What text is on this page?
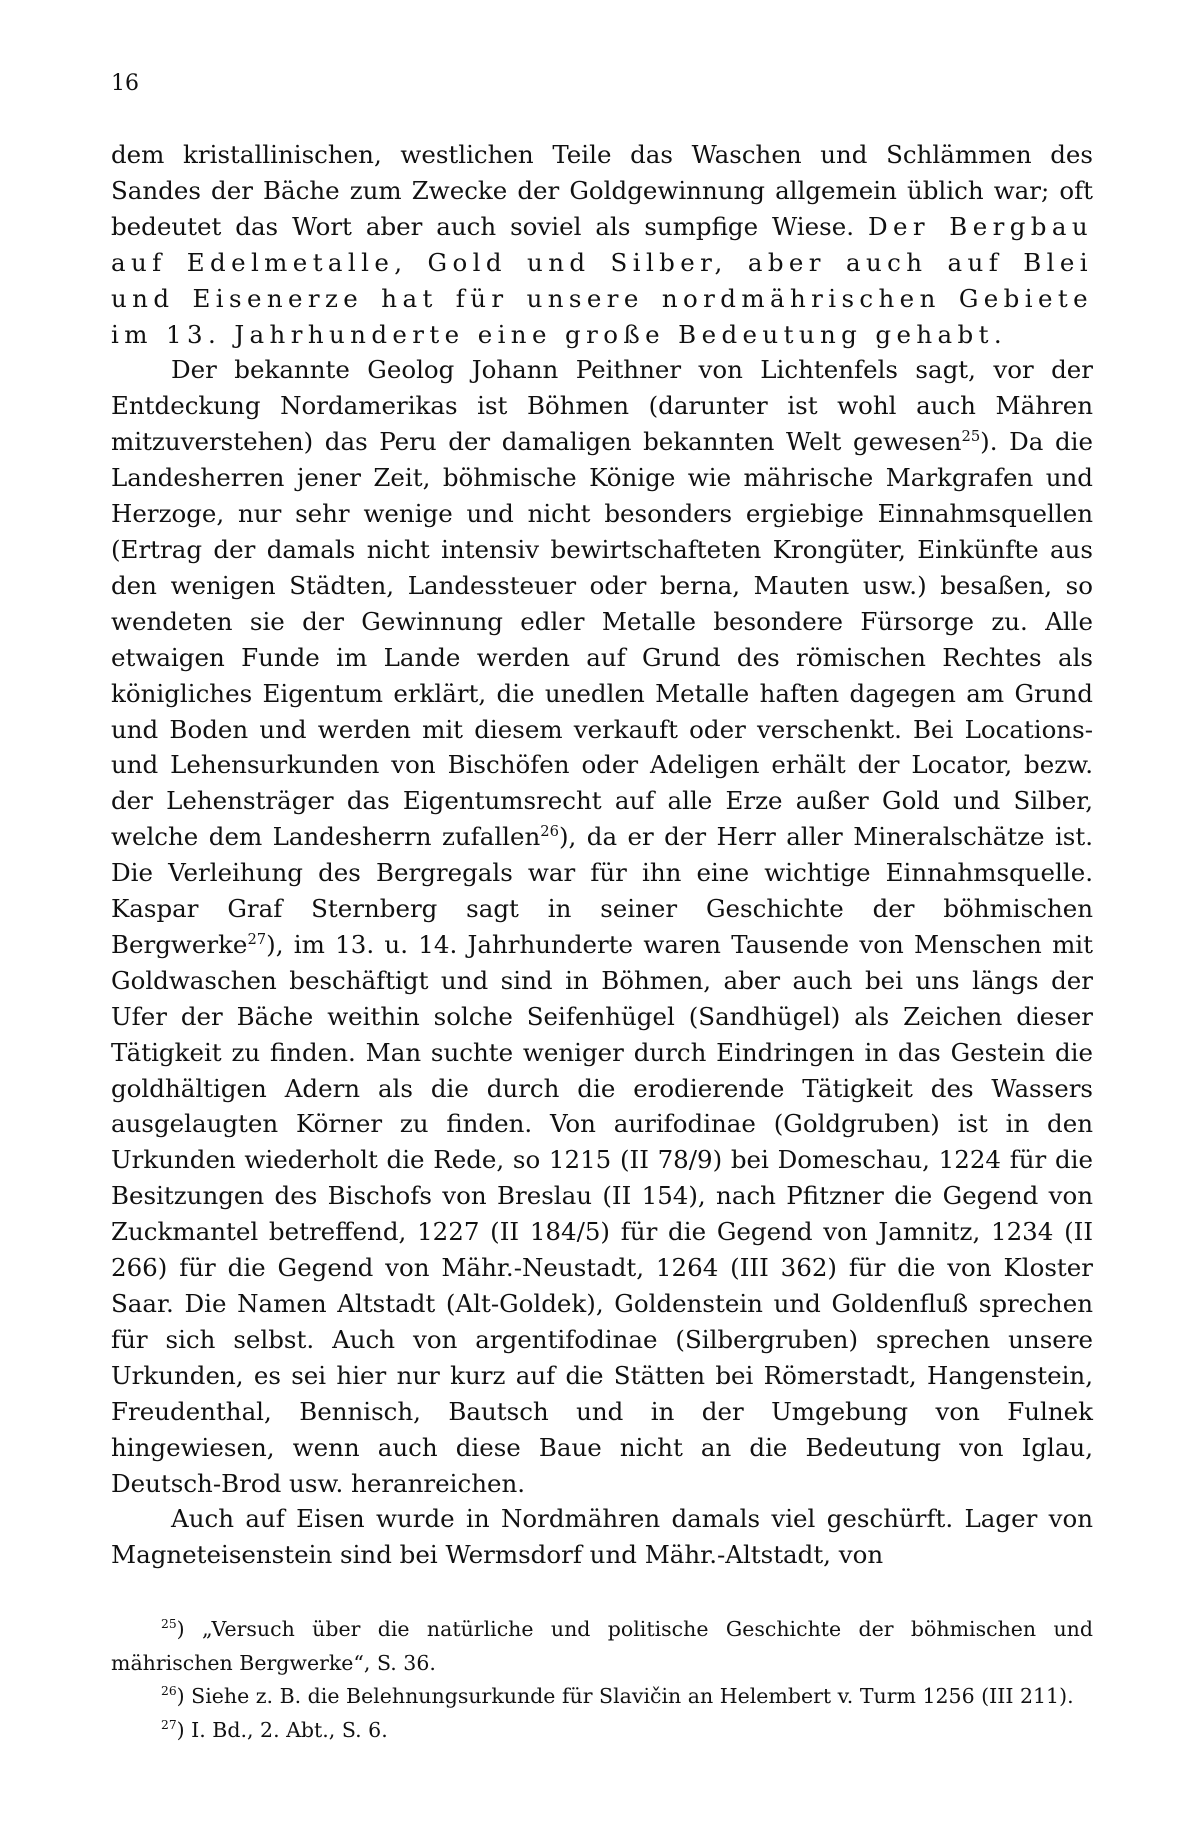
16

dem kristallinischen, westlichen Teile das Waschen und Schlämmen des Sandes der Bäche zum Zwecke der Goldgewinnung allgemein üblich war; oft bedeutet das Wort aber auch soviel als sumpfige Wiese. Der Bergbau auf Edelmetalle, Gold und Silber, aber auch auf Blei und Eisenerze hat für unsere nordmährischen Gebiete im 13. Jahrhunderte eine große Bedeutung gehabt.

Der bekannte Geolog Johann Peithner von Lichtenfels sagt, vor der Entdeckung Nordamerikas ist Böhmen (darunter ist wohl auch Mähren mitzuverstehen) das Peru der damaligen bekannten Welt gewesen$^{25}$). Da die Landesherren jener Zeit, böhmische Könige wie mährische Markgrafen und Herzoge, nur sehr wenige und nicht besonders ergiebige Einnahmsquellen (Ertrag der damals nicht intensiv bewirtschafteten Krongüter, Einkünfte aus den wenigen Städten, Landessteuer oder berna, Mauten usw.) besaßen, so wendeten sie der Gewinnung edler Metalle besondere Fürsorge zu. Alle etwaigen Funde im Lande werden auf Grund des römischen Rechtes als königliches Eigentum erklärt, die unedlen Metalle haften dagegen am Grund und Boden und werden mit diesem verkauft oder verschenkt. Bei Locations- und Lehensurkunden von Bischöfen oder Adeligen erhält der Locator, bezw. der Lehensträger das Eigentumsrecht auf alle Erze außer Gold und Silber, welche dem Landesherrn zufallen$^{26}$), da er der Herr aller Mineralschätze ist. Die Verleihung des Bergregals war für ihn eine wichtige Einnahmsquelle. Kaspar Graf Sternberg sagt in seiner Geschichte der böhmischen Bergwerke$^{27}$), im 13. u. 14. Jahrhunderte waren Tausende von Menschen mit Goldwaschen beschäftigt und sind in Böhmen, aber auch bei uns längs der Ufer der Bäche weithin solche Seifenhügel (Sandhügel) als Zeichen dieser Tätigkeit zu finden. Man suchte weniger durch Eindringen in das Gestein die goldhältigen Adern als die durch die erodierende Tätigkeit des Wassers ausgelaugten Körner zu finden. Von aurifodinae (Goldgruben) ist in den Urkunden wiederholt die Rede, so 1215 (II 78/9) bei Domeschau, 1224 für die Besitzungen des Bischofs von Breslau (II 154), nach Pfitzner die Gegend von Zuckmantel betreffend, 1227 (II 184/5) für die Gegend von Jamnitz, 1234 (II 266) für die Gegend von Mähr.-Neustadt, 1264 (III 362) für die von Kloster Saar. Die Namen Altstadt (Alt-Goldek), Goldenstein und Goldenfluß sprechen für sich selbst. Auch von argentifodinae (Silbergruben) sprechen unsere Urkunden, es sei hier nur kurz auf die Stätten bei Römerstadt, Hangenstein, Freudenthal, Bennisch, Bautsch und in der Umgebung von Fulnek hingewiesen, wenn auch diese Baue nicht an die Bedeutung von Iglau, Deutsch-Brod usw. heranreichen.

Auch auf Eisen wurde in Nordmähren damals viel geschürft. Lager von Magneteisenstein sind bei Wermsdorf und Mähr.-Altstadt, von

$^{25}$) „Versuch über die natürliche und politische Geschichte der böhmischen und mährischen Bergwerke“, S. 36.

$^{26}$) Siehe z. B. die Belehnungsurkunde für Slavičin an Helembert v. Turm 1256 (III 211).

$^{27}$) I. Bd., 2. Abt., S. 6.
